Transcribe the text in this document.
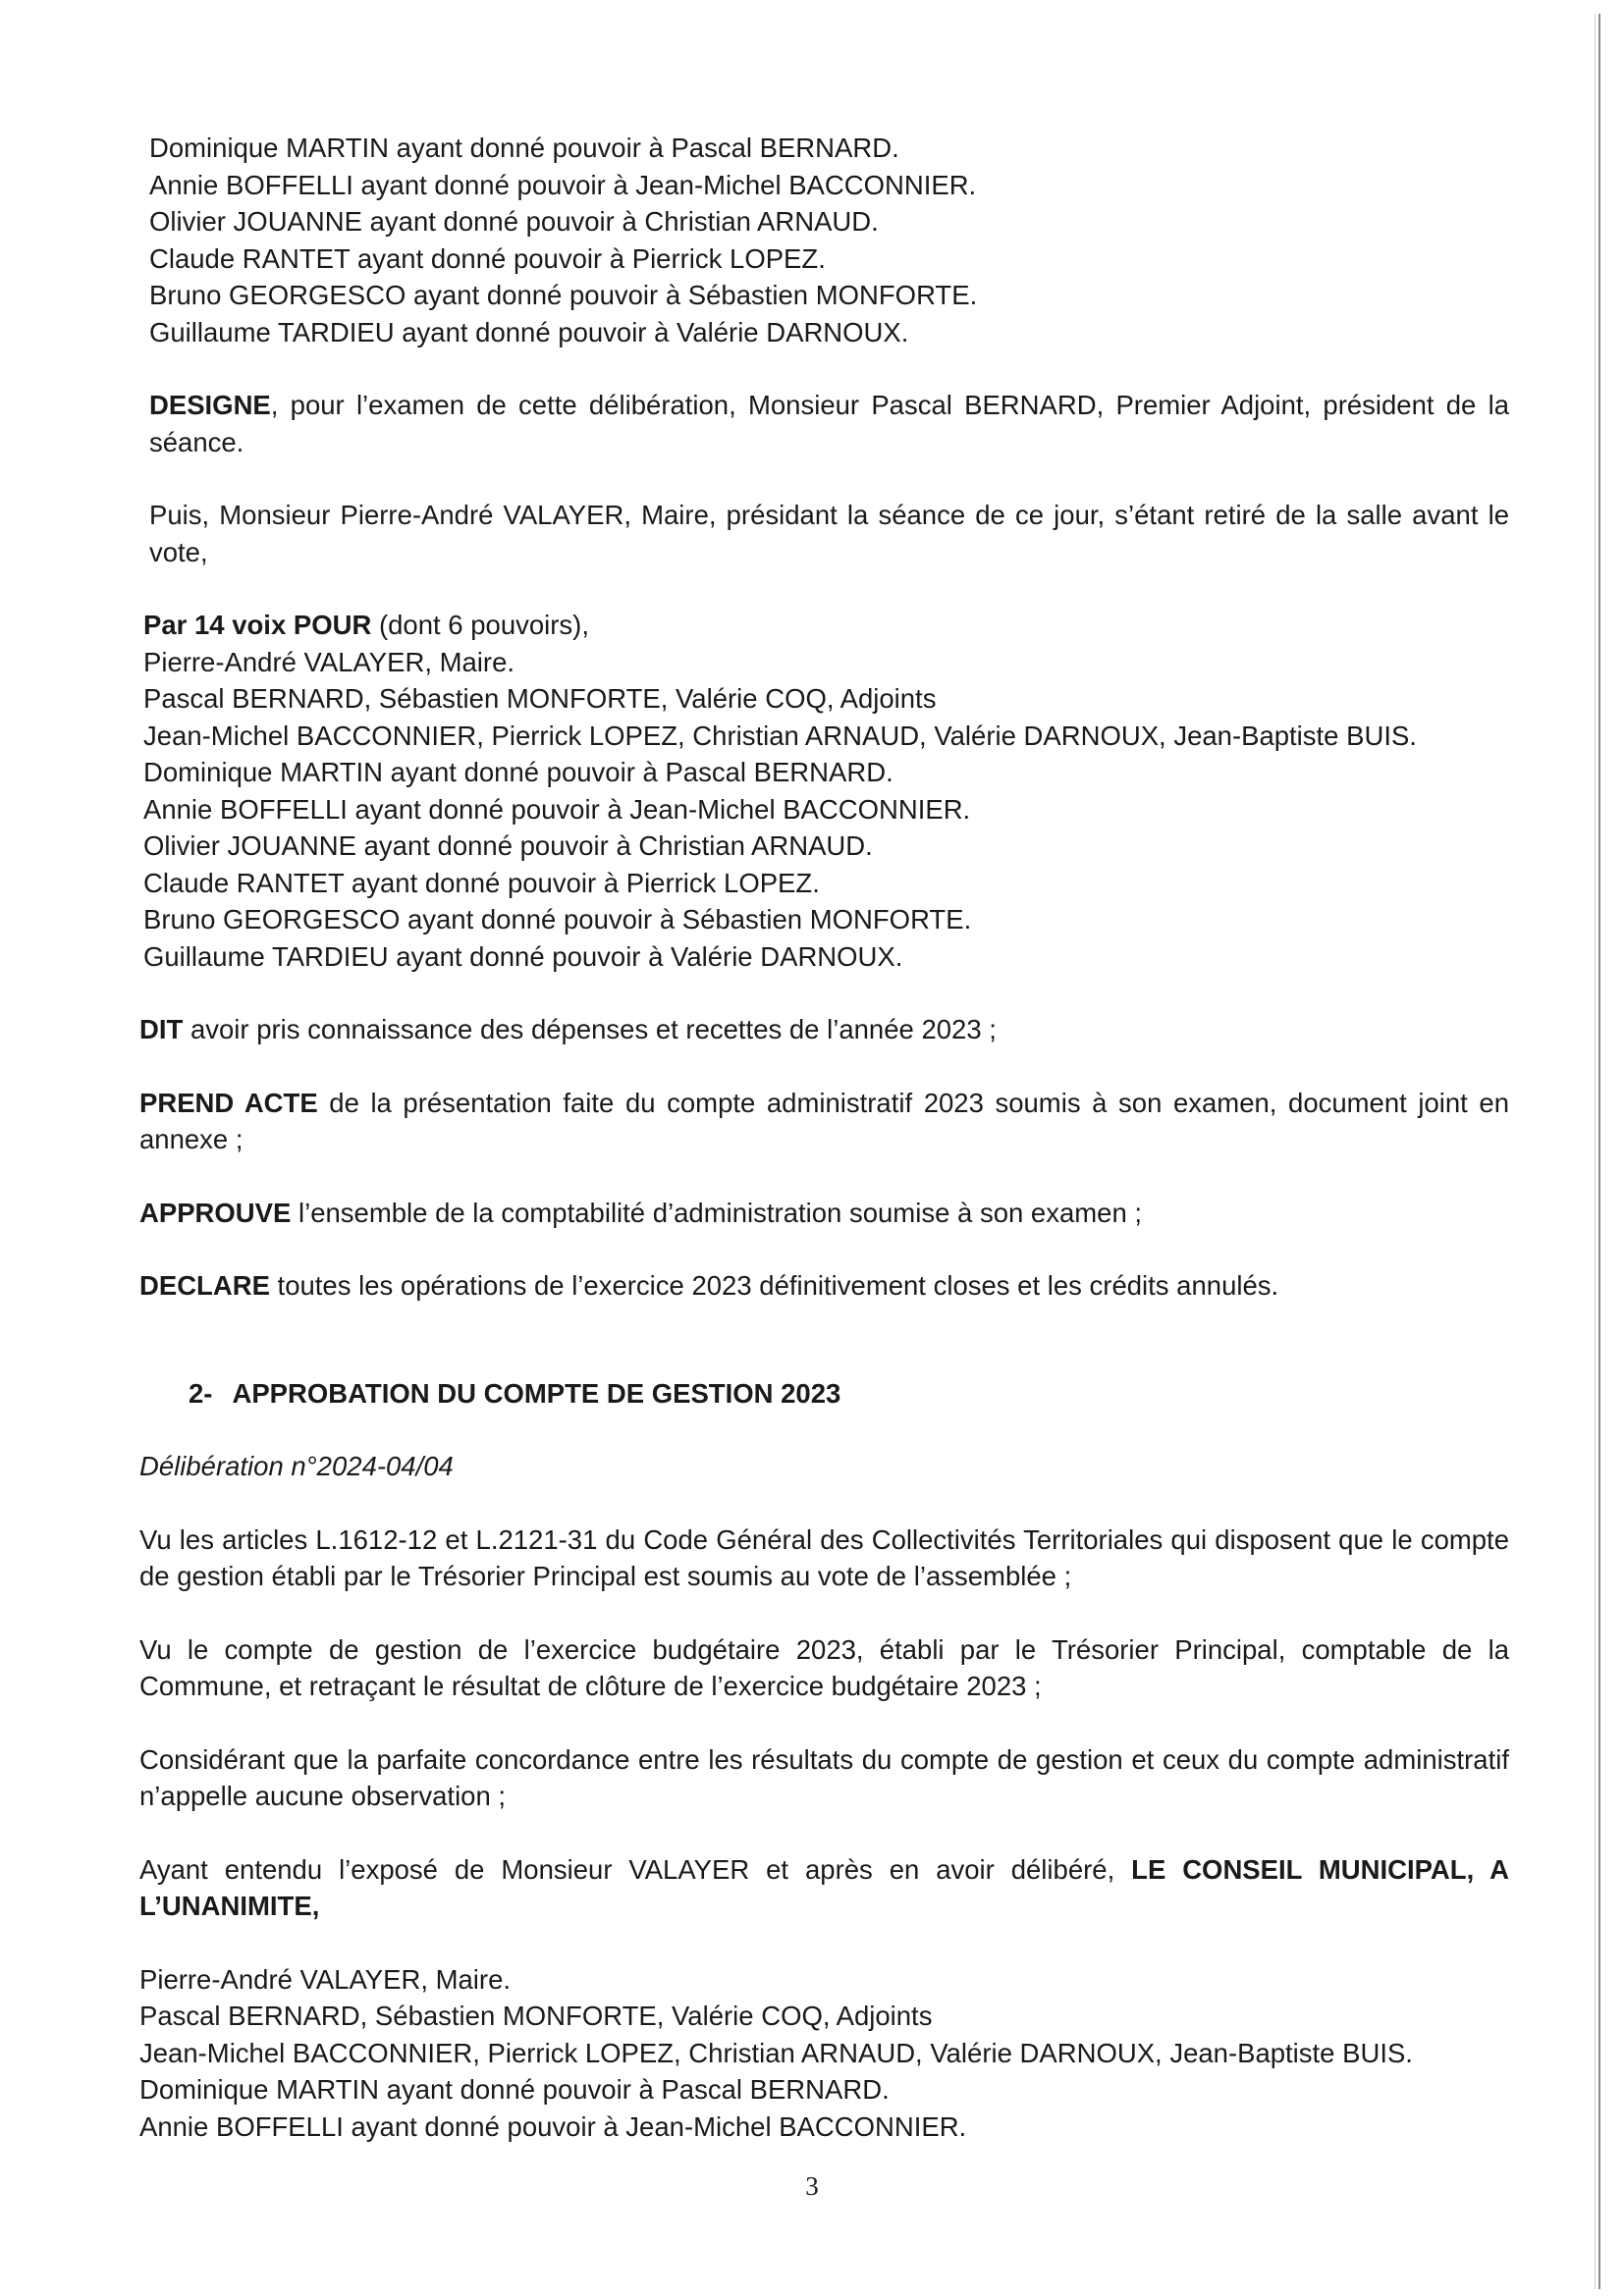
Dominique MARTIN ayant donné pouvoir à Pascal BERNARD.
Annie BOFFELLI ayant donné pouvoir à Jean-Michel BACCONNIER.
Olivier JOUANNE ayant donné pouvoir à Christian ARNAUD.
Claude RANTET ayant donné pouvoir à Pierrick LOPEZ.
Bruno GEORGESCO ayant donné pouvoir à Sébastien MONFORTE.
Guillaume TARDIEU ayant donné pouvoir à Valérie DARNOUX.

DESIGNE, pour l’examen de cette délibération, Monsieur Pascal BERNARD, Premier Adjoint, président de la séance.

Puis, Monsieur Pierre-André VALAYER, Maire, présidant la séance de ce jour, s’étant retiré de la salle avant le vote,

Par 14 voix POUR (dont 6 pouvoirs),
Pierre-André VALAYER, Maire.
Pascal BERNARD, Sébastien MONFORTE, Valérie COQ, Adjoints
Jean-Michel BACCONNIER, Pierrick LOPEZ, Christian ARNAUD, Valérie DARNOUX, Jean-Baptiste BUIS.
Dominique MARTIN ayant donné pouvoir à Pascal BERNARD.
Annie BOFFELLI ayant donné pouvoir à Jean-Michel BACCONNIER.
Olivier JOUANNE ayant donné pouvoir à Christian ARNAUD.
Claude RANTET ayant donné pouvoir à Pierrick LOPEZ.
Bruno GEORGESCO ayant donné pouvoir à Sébastien MONFORTE.
Guillaume TARDIEU ayant donné pouvoir à Valérie DARNOUX.

DIT avoir pris connaissance des dépenses et recettes de l’année 2023 ;

PREND ACTE de la présentation faite du compte administratif 2023 soumis à son examen, document joint en annexe ;

APPROUVE l’ensemble de la comptabilité d’administration soumise à son examen ;

DECLARE toutes les opérations de l’exercice 2023 définitivement closes et les crédits annulés.

2- APPROBATION DU COMPTE DE GESTION 2023
Délibération n°2024-04/04

Vu les articles L.1612-12 et L.2121-31 du Code Général des Collectivités Territoriales qui disposent que le compte de gestion établi par le Trésorier Principal est soumis au vote de l’assemblée ;

Vu le compte de gestion de l’exercice budgétaire 2023, établi par le Trésorier Principal, comptable de la Commune, et retraçant le résultat de clôture de l’exercice budgétaire 2023 ;

Considérant que la parfaite concordance entre les résultats du compte de gestion et ceux du compte administratif n’appelle aucune observation ;

Ayant entendu l’exposé de Monsieur VALAYER et après en avoir délibéré, LE CONSEIL MUNICIPAL, A L’UNANIMITE,

Pierre-André VALAYER, Maire.
Pascal BERNARD, Sébastien MONFORTE, Valérie COQ, Adjoints
Jean-Michel BACCONNIER, Pierrick LOPEZ, Christian ARNAUD, Valérie DARNOUX, Jean-Baptiste BUIS.
Dominique MARTIN ayant donné pouvoir à Pascal BERNARD.
Annie BOFFELLI ayant donné pouvoir à Jean-Michel BACCONNIER.
3
